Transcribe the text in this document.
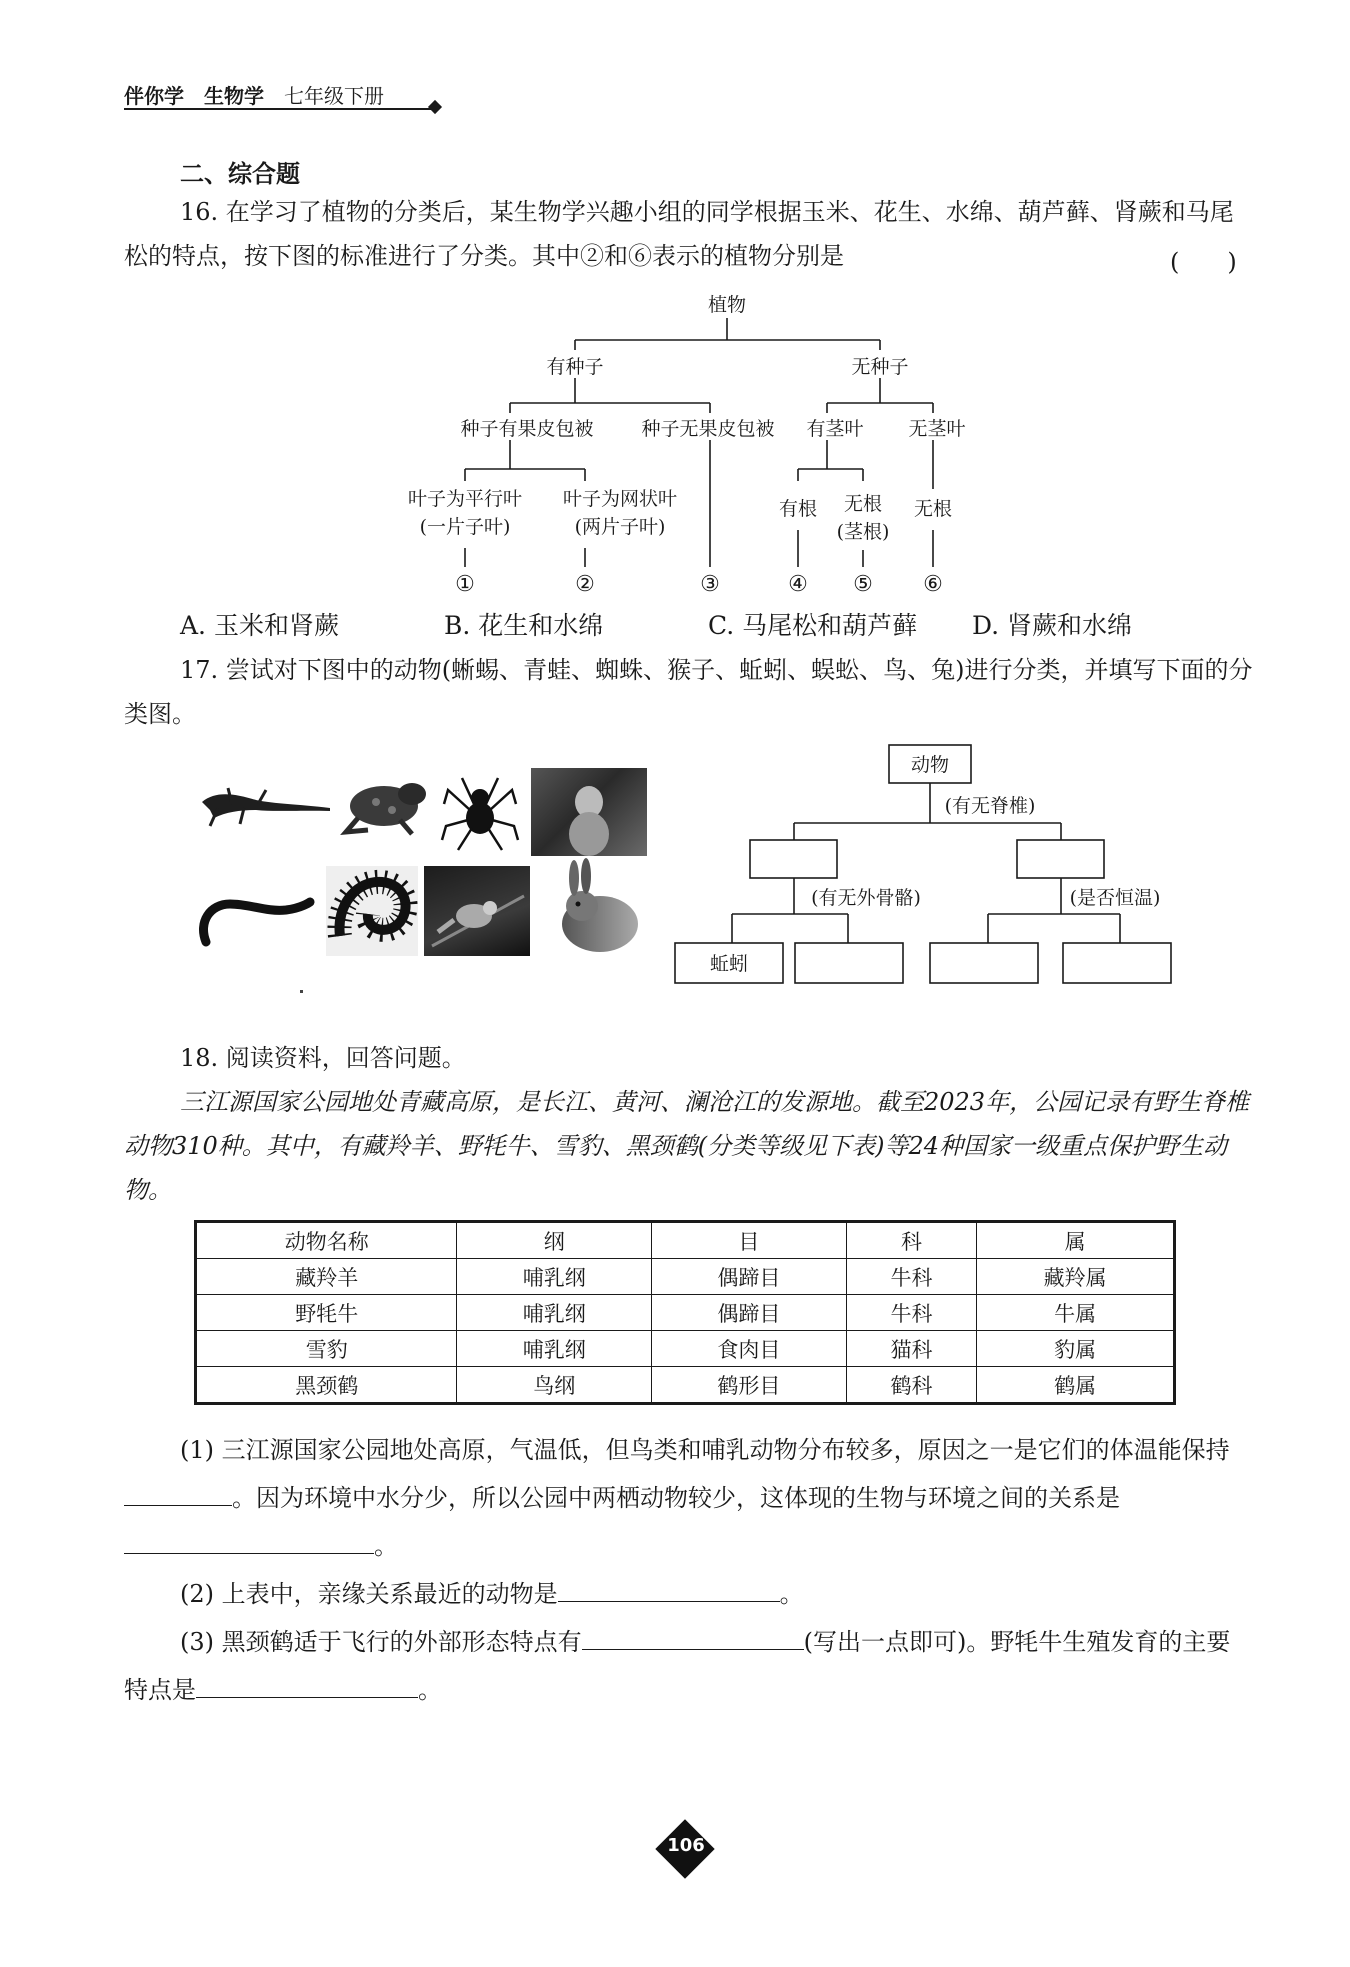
伴你学 生物学 七年级下册
二、综合题

16. 在学习了植物的分类后，某生物学兴趣小组的同学根据玉米、花生、水绵、葫芦藓、肾蕨和马尾松的特点，按下图的标准进行了分类。其中②和⑥表示的植物分别是	(　　)
植物
有种子	无种子
种子有果皮包被	种子无果皮包被 有茎叶 无茎叶
叶子为平行叶
(一片子叶)
叶子为网状叶
(两片子叶)
有根 无根
(茎根)
无根
①	②	③	④ ⑤ ⑥
A. 玉米和肾蕨	B. 花生和水绵	C. 马尾松和葫芦藓 D. 肾蕨和水绵

17. 尝试对下图中的动物(蜥蜴、青蛙、蜘蛛、猴子、蚯蚓、蜈蚣、鸟、兔)进行分类，并填写下面的分类图。

动物
(有无脊椎)
(有无外骨骼)	(是否恒温)
蚯蚓

18. 阅读资料，回答问题。

三江源国家公园地处青藏高原，是长江、黄河、澜沧江的发源地。截至2023年，公园记录有野生脊椎动物310种。其中，有藏羚羊、野牦牛、雪豹、黑颈鹤(分类等级见下表)等24种国家一级重点保护野生动物。

动物名称	纲	目	科	属
藏羚羊	哺乳纲	偶蹄目	牛科	藏羚属
野牦牛	哺乳纲	偶蹄目	牛科	牛属
雪豹	哺乳纲	食肉目	猫科	豹属
黑颈鹤	鸟纲	鹤形目	鹤科	鹤属

(1) 三江源国家公园地处高原，气温低，但鸟类和哺乳动物分布较多，原因之一是它们的体温能保持。因为环境中水分少，所以公园中两栖动物较少，这体现的生物与环境之间的关系是。

(2) 上表中，亲缘关系最近的动物是	。

(3) 黑颈鹤适于飞行的外部形态特点有	(写出一点即可)。野牦牛生殖发育的主要特点是	。

106
